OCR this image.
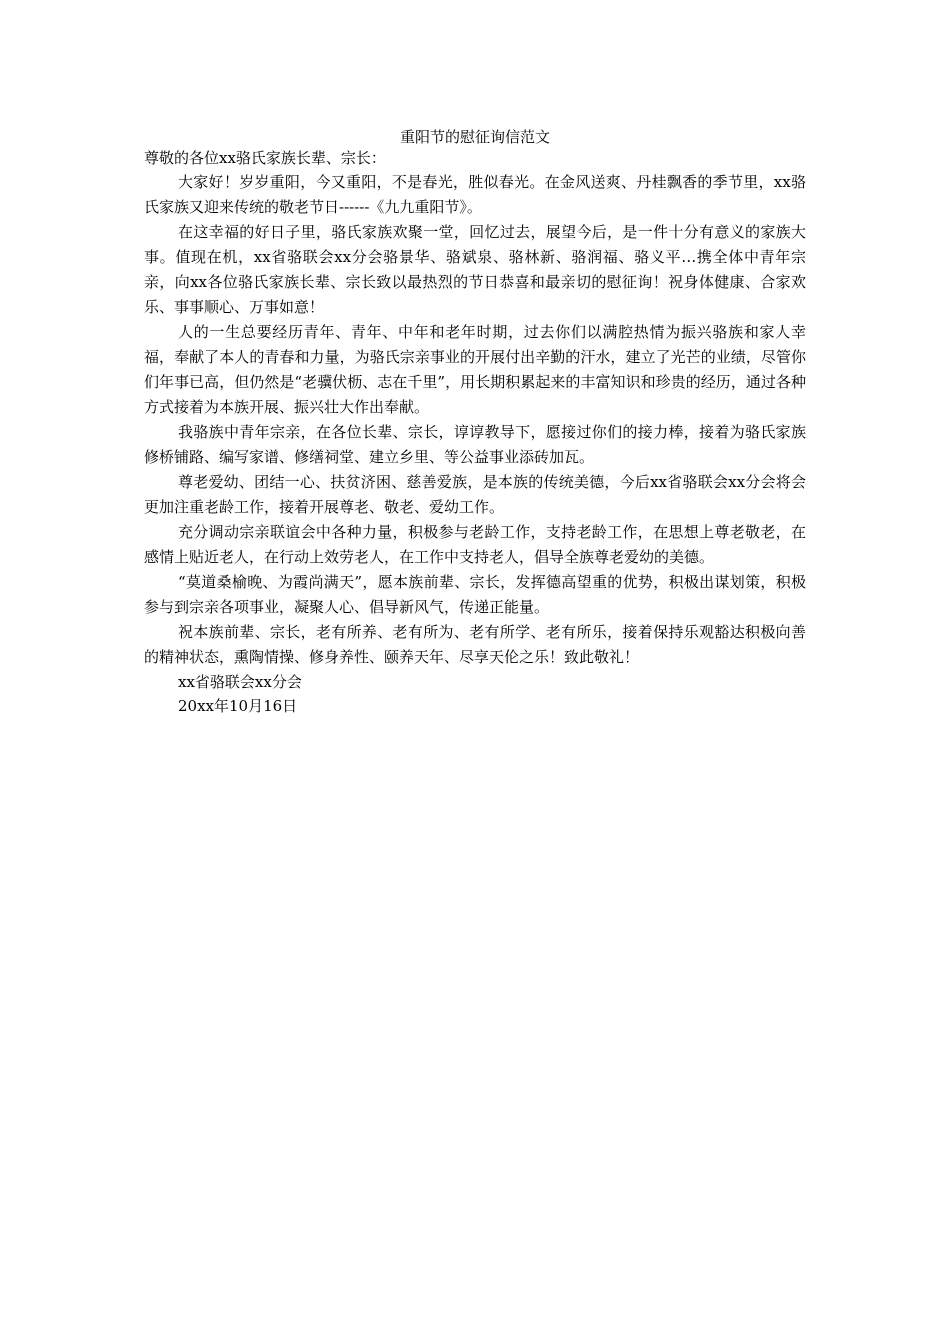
重阳节的慰征询信范文

尊敬的各位xx骆氏家族长辈、宗长：

大家好！岁岁重阳，今又重阳，不是春光，胜似春光。在金风送爽、丹桂飘香的季节里，xx骆氏家族又迎来传统的敬老节日------《九九重阳节》。

在这幸福的好日子里，骆氏家族欢聚一堂，回忆过去，展望今后，是一件十分有意义的家族大事。值现在机，xx省骆联会xx分会骆景华、骆斌泉、骆林新、骆润福、骆义平…携全体中青年宗亲，向xx各位骆氏家族长辈、宗长致以最热烈的节日恭喜和最亲切的慰征询！祝身体健康、合家欢乐、事事顺心、万事如意！

人的一生总要经历青年、青年、中年和老年时期，过去你们以满腔热情为振兴骆族和家人幸福，奉献了本人的青春和力量，为骆氏宗亲事业的开展付出辛勤的汗水，建立了光芒的业绩，尽管你们年事已高，但仍然是“老骥伏枥、志在千里”，用长期积累起来的丰富知识和珍贵的经历，通过各种方式接着为本族开展、振兴壮大作出奉献。

我骆族中青年宗亲，在各位长辈、宗长，谆谆教导下，愿接过你们的接力棒，接着为骆氏家族修桥铺路、编写家谱、修缮祠堂、建立乡里、等公益事业添砖加瓦。

尊老爱幼、团结一心、扶贫济困、慈善爱族，是本族的传统美德，今后xx省骆联会xx分会将会更加注重老龄工作，接着开展尊老、敬老、爱幼工作。

充分调动宗亲联谊会中各种力量，积极参与老龄工作，支持老龄工作，在思想上尊老敬老，在感情上贴近老人，在行动上效劳老人，在工作中支持老人，倡导全族尊老爱幼的美德。

“莫道桑榆晚、为霞尚满天”，愿本族前辈、宗长，发挥德高望重的优势，积极出谋划策，积极参与到宗亲各项事业，凝聚人心、倡导新风气，传递正能量。

祝本族前辈、宗长，老有所养、老有所为、老有所学、老有所乐，接着保持乐观豁达积极向善的精神状态，熏陶情操、修身养性、颐养天年、尽享天伦之乐！致此敬礼！

xx省骆联会xx分会

20xx年10月16日
